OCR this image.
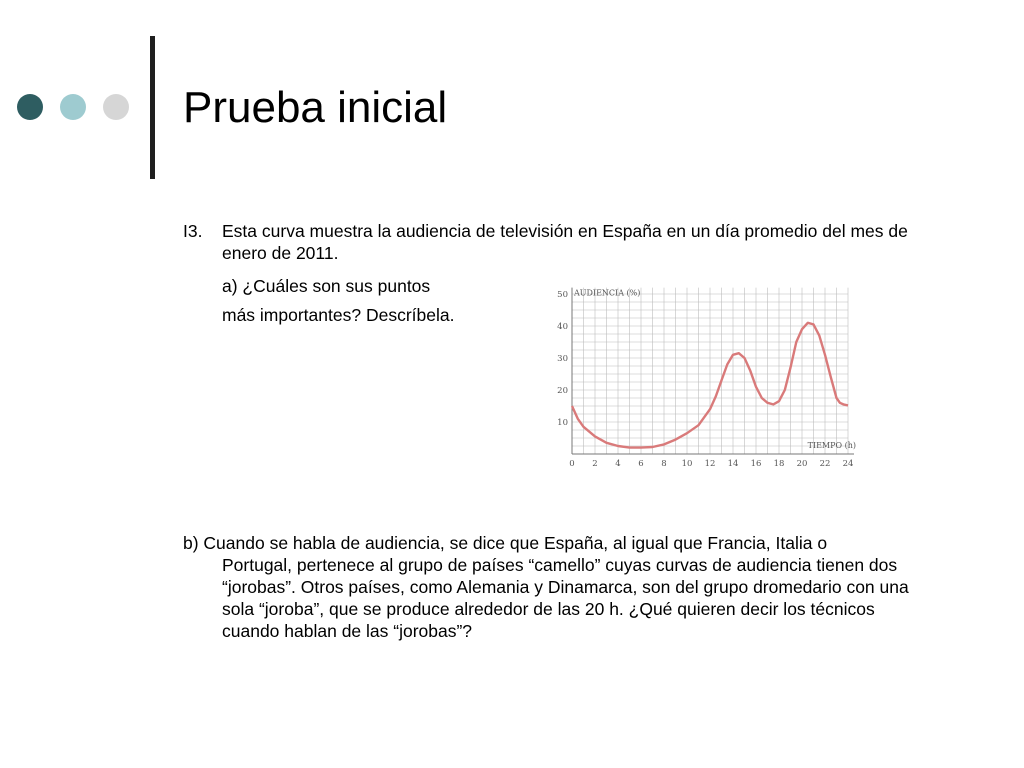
Prueba inicial
I3. Esta curva muestra la audiencia de televisión en España en un día promedio del mes de enero de 2011.
a) ¿Cuáles son sus puntos
más importantes? Descríbela.
0 2 4 6 8 10 12 14 16 18 20 22 24
10
20
30
40
50 AUDIENCIA (%)
TIEMPO (h)

b) Cuando se habla de audiencia, se dice que España, al igual que Francia, Italia o

Portugal, pertenece al grupo de países “camello” cuyas curvas de audiencia tienen dos “jorobas”. Otros países, como Alemania y Dinamarca, son del grupo dromedario con una sola “joroba”, que se produce alrededor de las 20 h. ¿Qué quieren decir los técnicos cuando hablan de las “jorobas”?
